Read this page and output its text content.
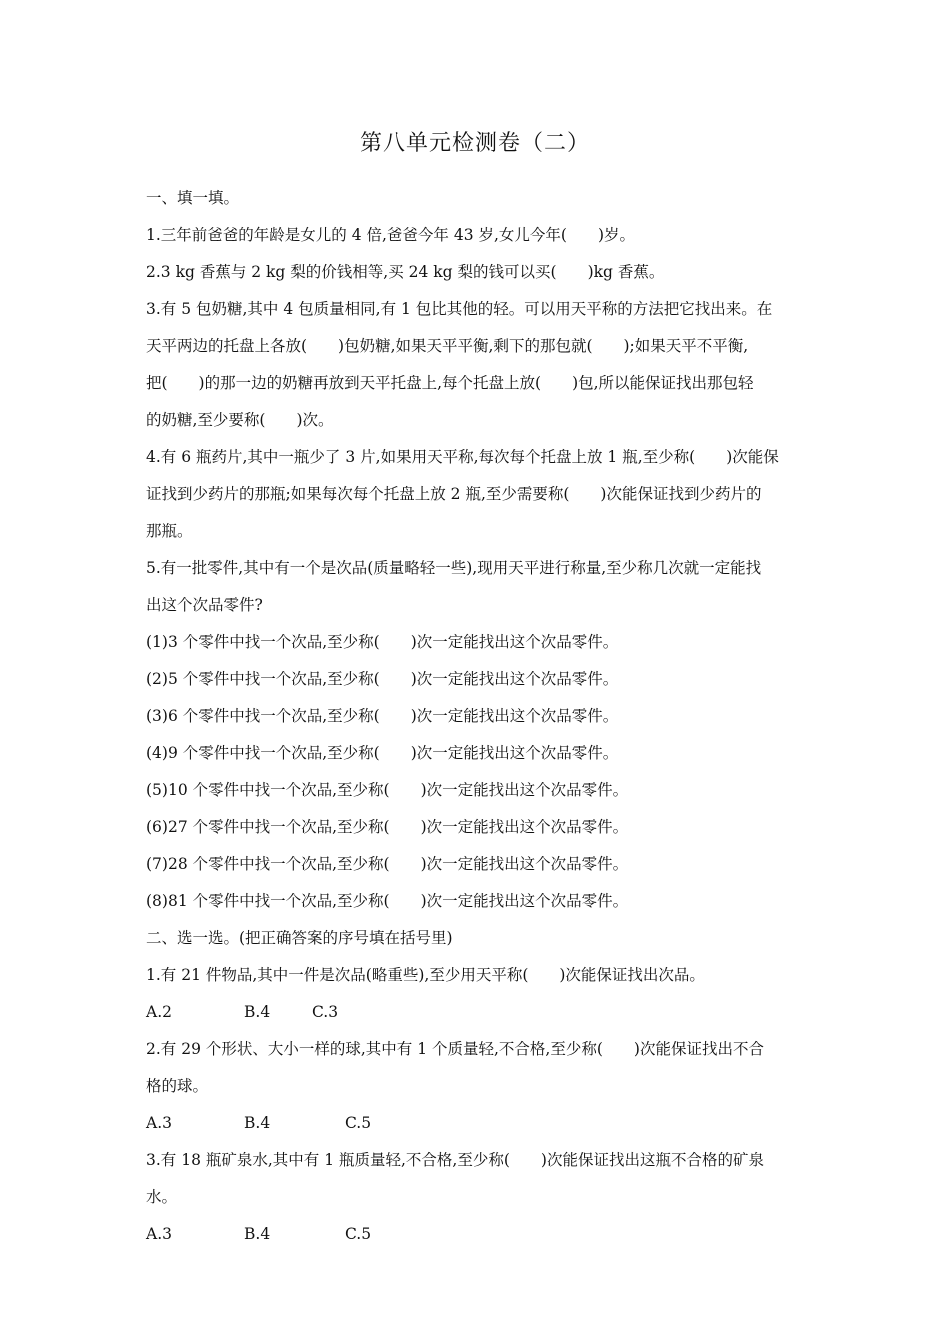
第八单元检测卷（二）
一、填一填。
1.三年前爸爸的年龄是女儿的 4 倍,爸爸今年 43 岁,女儿今年(　　)岁。
2.3 kg 香蕉与 2 kg 梨的价钱相等,买 24 kg 梨的钱可以买(　　)kg 香蕉。
3.有 5 包奶糖,其中 4 包质量相同,有 1 包比其他的轻。可以用天平称的方法把它找出来。在
天平两边的托盘上各放(　　)包奶糖,如果天平平衡,剩下的那包就(　　);如果天平不平衡,
把(　　)的那一边的奶糖再放到天平托盘上,每个托盘上放(　　)包,所以能保证找出那包轻
的奶糖,至少要称(　　)次。
4.有 6 瓶药片,其中一瓶少了 3 片,如果用天平称,每次每个托盘上放 1 瓶,至少称(　　)次能保
证找到少药片的那瓶;如果每次每个托盘上放 2 瓶,至少需要称(　　)次能保证找到少药片的
那瓶。
5.有一批零件,其中有一个是次品(质量略轻一些),现用天平进行称量,至少称几次就一定能找
出这个次品零件?
(1)3 个零件中找一个次品,至少称(　　)次一定能找出这个次品零件。
(2)5 个零件中找一个次品,至少称(　　)次一定能找出这个次品零件。
(3)6 个零件中找一个次品,至少称(　　)次一定能找出这个次品零件。
(4)9 个零件中找一个次品,至少称(　　)次一定能找出这个次品零件。
(5)10 个零件中找一个次品,至少称(　　)次一定能找出这个次品零件。
(6)27 个零件中找一个次品,至少称(　　)次一定能找出这个次品零件。
(7)28 个零件中找一个次品,至少称(　　)次一定能找出这个次品零件。
(8)81 个零件中找一个次品,至少称(　　)次一定能找出这个次品零件。
二、选一选。(把正确答案的序号填在括号里)
1.有 21 件物品,其中一件是次品(略重些),至少用天平称(　　)次能保证找出次品。
A.2	B.4	C.3
2.有 29 个形状、大小一样的球,其中有 1 个质量轻,不合格,至少称(　　)次能保证找出不合
格的球。
A.3	B.4	C.5
3.有 18 瓶矿泉水,其中有 1 瓶质量轻,不合格,至少称(　　)次能保证找出这瓶不合格的矿泉
水。
A.3	B.4	C.5
